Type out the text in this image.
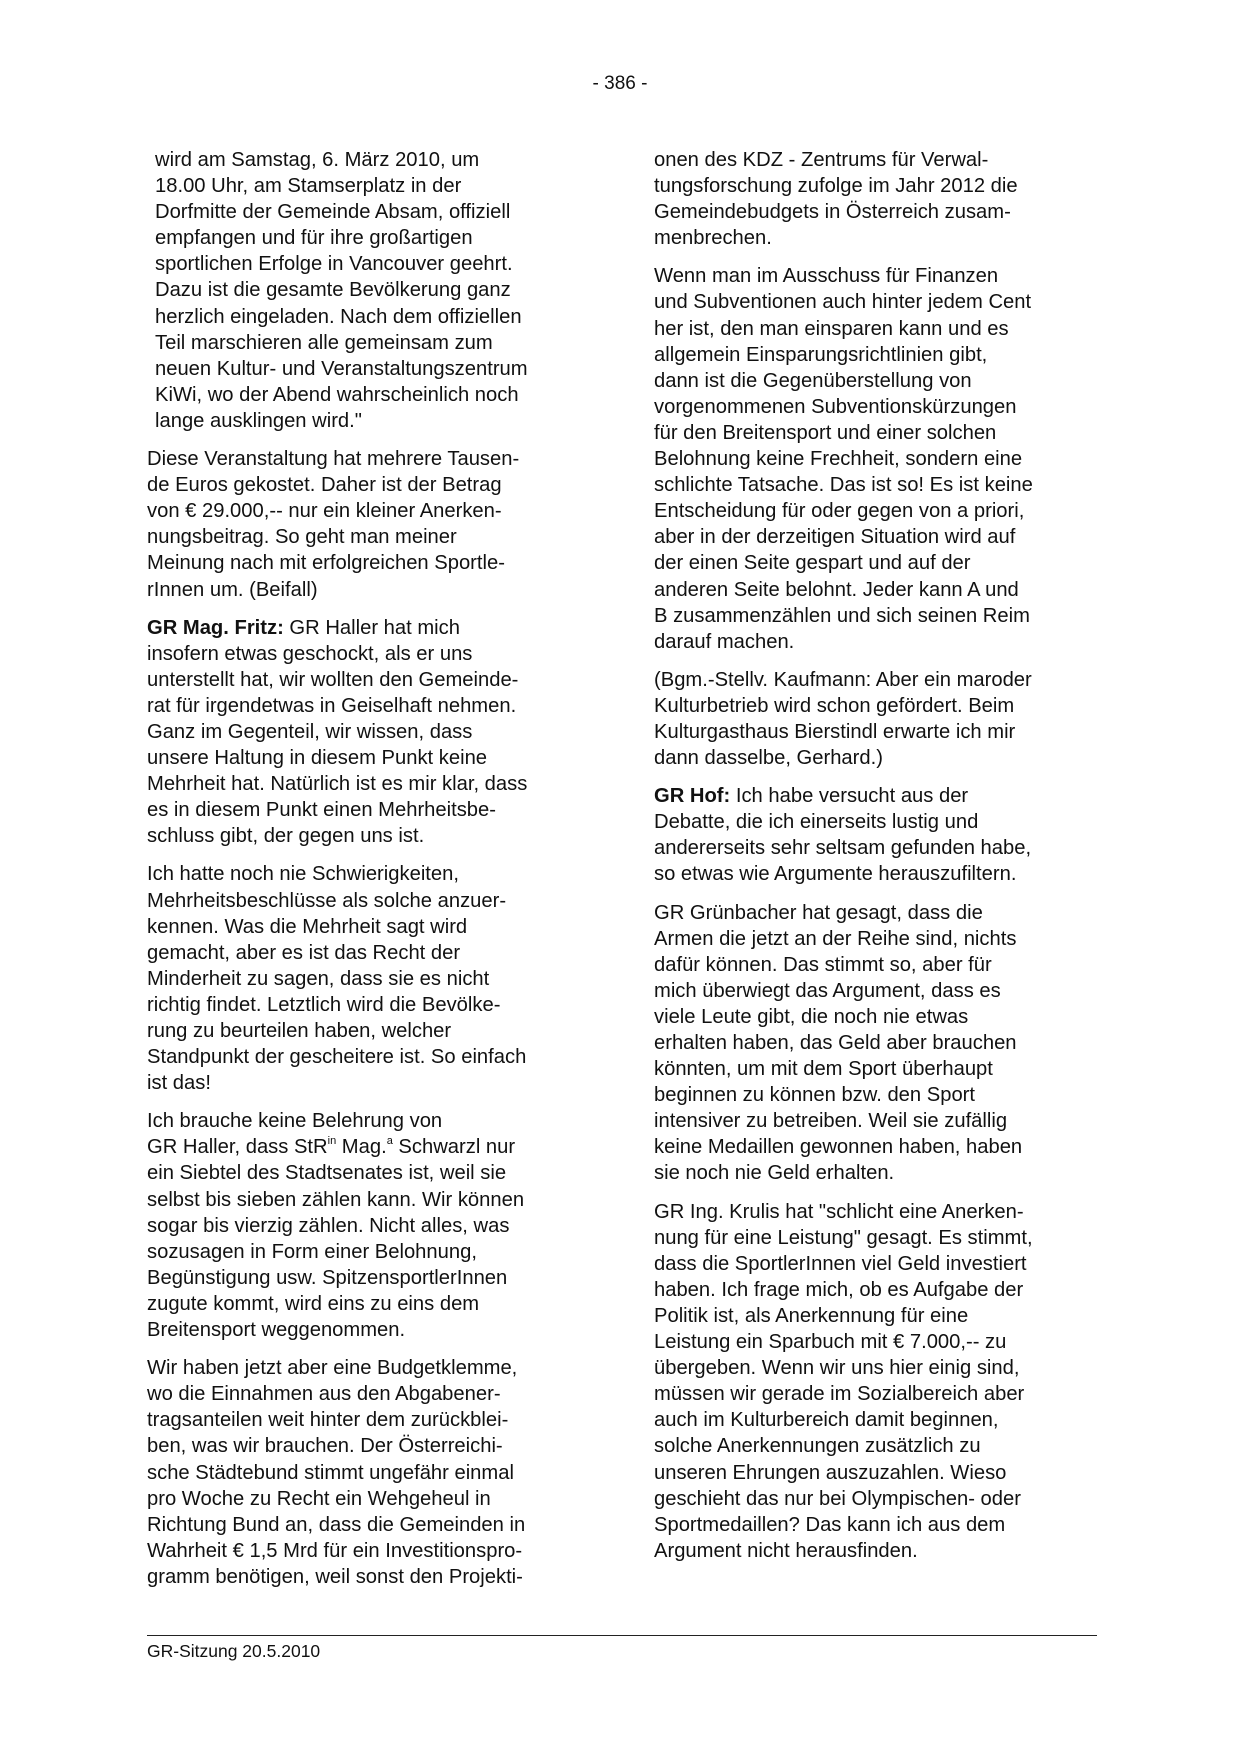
- 386 -
wird am Samstag, 6. März 2010, um
18.00 Uhr, am Stamserplatz in der
Dorfmitte der Gemeinde Absam, offiziell
empfangen und für ihre großartigen
sportlichen Erfolge in Vancouver geehrt.
Dazu ist die gesamte Bevölkerung ganz
herzlich eingeladen. Nach dem offiziellen
Teil marschieren alle gemeinsam zum
neuen Kultur- und Veranstaltungszentrum
KiWi, wo der Abend wahrscheinlich noch
lange ausklingen wird."
Diese Veranstaltung hat mehrere Tausen-
de Euros gekostet. Daher ist der Betrag
von € 29.000,-- nur ein kleiner Anerken-
nungsbeitrag. So geht man meiner
Meinung nach mit erfolgreichen Sportle-
rInnen um. (Beifall)
GR Mag. Fritz: GR Haller hat mich
insofern etwas geschockt, als er uns
unterstellt hat, wir wollten den Gemeinde-
rat für irgendetwas in Geiselhaft nehmen.
Ganz im Gegenteil, wir wissen, dass
unsere Haltung in diesem Punkt keine
Mehrheit hat. Natürlich ist es mir klar, dass
es in diesem Punkt einen Mehrheitsbe-
schluss gibt, der gegen uns ist.
Ich hatte noch nie Schwierigkeiten,
Mehrheitsbeschlüsse als solche anzuer-
kennen. Was die Mehrheit sagt wird
gemacht, aber es ist das Recht der
Minderheit zu sagen, dass sie es nicht
richtig findet. Letztlich wird die Bevölke-
rung zu beurteilen haben, welcher
Standpunkt der gescheitere ist. So einfach
ist das!
Ich brauche keine Belehrung von
GR Haller, dass StR$^{in}$ Mag.$^a$ Schwarzl nur
ein Siebtel des Stadtsenates ist, weil sie
selbst bis sieben zählen kann. Wir können
sogar bis vierzig zählen. Nicht alles, was
sozusagen in Form einer Belohnung,
Begünstigung usw. SpitzensportlerInnen
zugute kommt, wird eins zu eins dem
Breitensport weggenommen.
Wir haben jetzt aber eine Budgetklemme,
wo die Einnahmen aus den Abgabener-
tragsanteilen weit hinter dem zurückblei-
ben, was wir brauchen. Der Österreichi-
sche Städtebund stimmt ungefähr einmal
pro Woche zu Recht ein Wehgeheul in
Richtung Bund an, dass die Gemeinden in
Wahrheit € 1,5 Mrd für ein Investitionspro-
gramm benötigen, weil sonst den Projekti-
onen des KDZ - Zentrums für Verwal-
tungsforschung zufolge im Jahr 2012 die
Gemeindebudgets in Österreich zusam-
menbrechen.
Wenn man im Ausschuss für Finanzen
und Subventionen auch hinter jedem Cent
her ist, den man einsparen kann und es
allgemein Einsparungsrichtlinien gibt,
dann ist die Gegenüberstellung von
vorgenommenen Subventionskürzungen
für den Breitensport und einer solchen
Belohnung keine Frechheit, sondern eine
schlichte Tatsache. Das ist so! Es ist keine
Entscheidung für oder gegen von a priori,
aber in der derzeitigen Situation wird auf
der einen Seite gespart und auf der
anderen Seite belohnt. Jeder kann A und
B zusammenzählen und sich seinen Reim
darauf machen.
(Bgm.-Stellv. Kaufmann: Aber ein maroder
Kulturbetrieb wird schon gefördert. Beim
Kulturgasthaus Bierstindl erwarte ich mir
dann dasselbe, Gerhard.)
GR Hof: Ich habe versucht aus der
Debatte, die ich einerseits lustig und
andererseits sehr seltsam gefunden habe,
so etwas wie Argumente herauszufiltern.
GR Grünbacher hat gesagt, dass die
Armen die jetzt an der Reihe sind, nichts
dafür können. Das stimmt so, aber für
mich überwiegt das Argument, dass es
viele Leute gibt, die noch nie etwas
erhalten haben, das Geld aber brauchen
könnten, um mit dem Sport überhaupt
beginnen zu können bzw. den Sport
intensiver zu betreiben. Weil sie zufällig
keine Medaillen gewonnen haben, haben
sie noch nie Geld erhalten.
GR Ing. Krulis hat "schlicht eine Anerken-
nung für eine Leistung" gesagt. Es stimmt,
dass die SportlerInnen viel Geld investiert
haben. Ich frage mich, ob es Aufgabe der
Politik ist, als Anerkennung für eine
Leistung ein Sparbuch mit € 7.000,-- zu
übergeben. Wenn wir uns hier einig sind,
müssen wir gerade im Sozialbereich aber
auch im Kulturbereich damit beginnen,
solche Anerkennungen zusätzlich zu
unseren Ehrungen auszuzahlen. Wieso
geschieht das nur bei Olympischen- oder
Sportmedaillen? Das kann ich aus dem
Argument nicht herausfinden.
GR-Sitzung 20.5.2010
